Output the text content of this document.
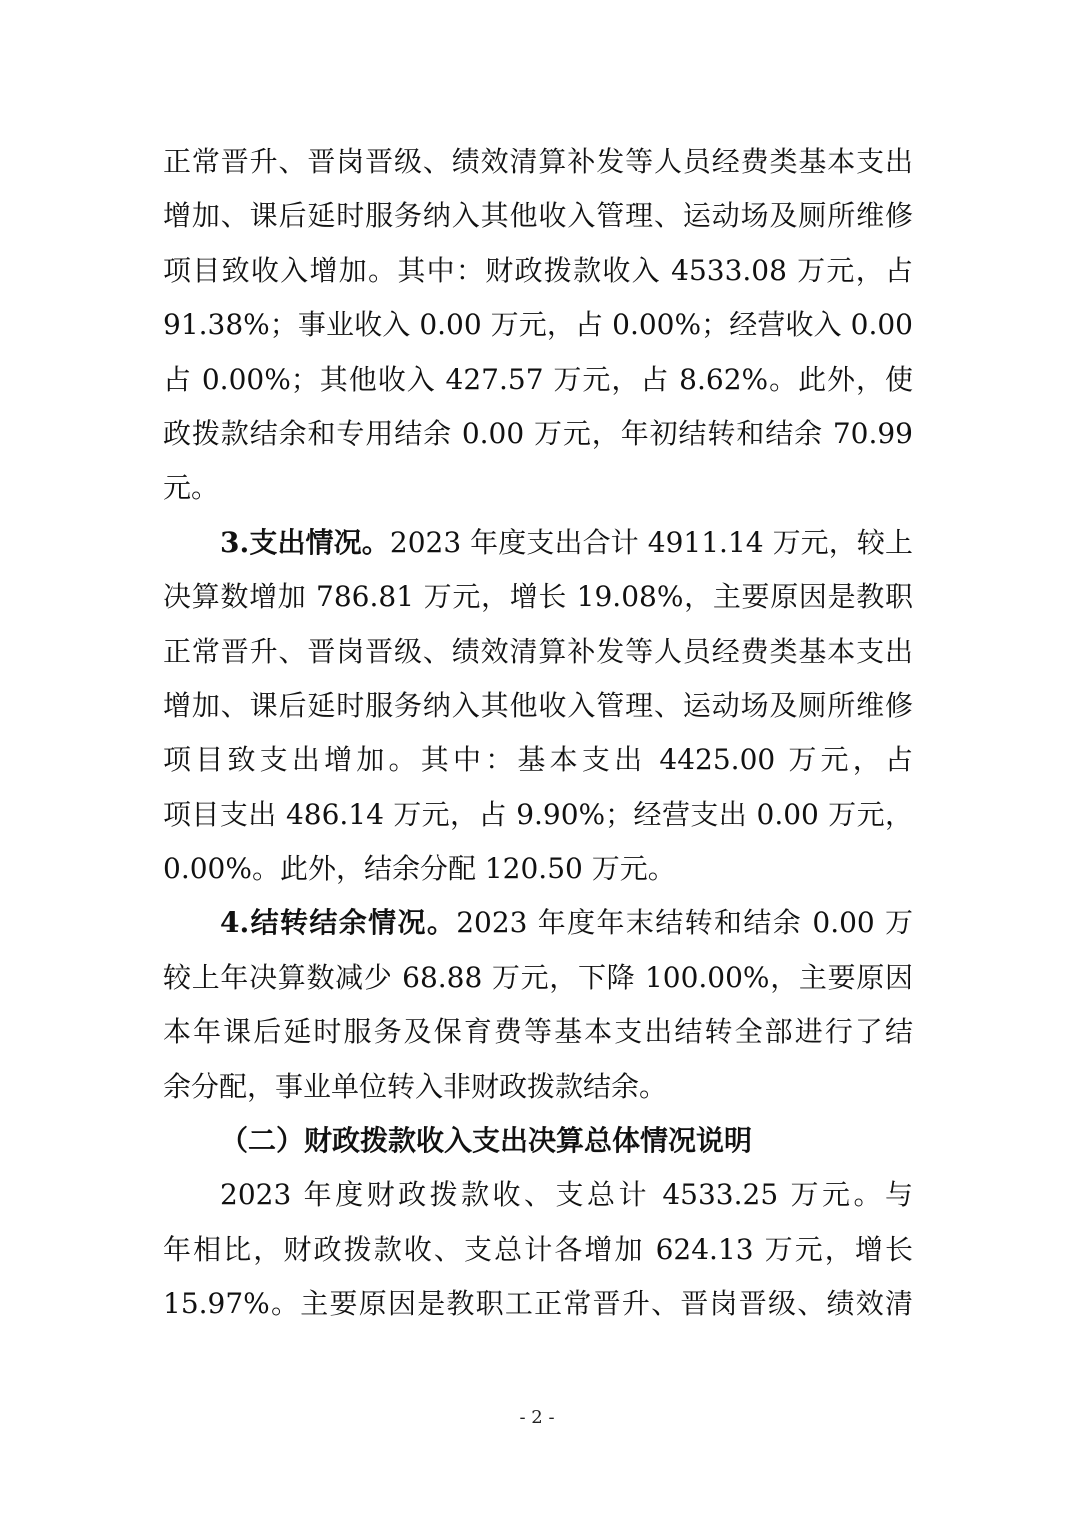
正常晋升、晋岗晋级、绩效清算补发等人员经费类基本支出
增加、课后延时服务纳入其他收入管理、运动场及厕所维修
项目致收入增加。其中：财政拨款收入 4533.08 万元，占
91.38%；事业收入 0.00 万元，占 0.00%；经营收入 0.00
占 0.00%；其他收入 427.57 万元，占 8.62%。此外，使
政拨款结余和专用结余 0.00 万元，年初结转和结余 70.99
元。
3.支出情况。2023 年度支出合计 4911.14 万元，较上
决算数增加 786.81 万元，增长 19.08%，主要原因是教职
正常晋升、晋岗晋级、绩效清算补发等人员经费类基本支出
增加、课后延时服务纳入其他收入管理、运动场及厕所维修
项目致支出增加。其中：基本支出 4425.00 万元，占
项目支出 486.14 万元，占 9.90%；经营支出 0.00 万元，
0.00%。此外，结余分配 120.50 万元。
4.结转结余情况。2023 年度年末结转和结余 0.00 万
较上年决算数减少 68.88 万元，下降 100.00%，主要原因
本年课后延时服务及保育费等基本支出结转全部进行了结
余分配，事业单位转入非财政拨款结余。
（二）财政拨款收入支出决算总体情况说明
2023 年度财政拨款收、支总计 4533.25 万元。与
年相比，财政拨款收、支总计各增加 624.13 万元，增长
15.97%。主要原因是教职工正常晋升、晋岗晋级、绩效清
- 2 -
